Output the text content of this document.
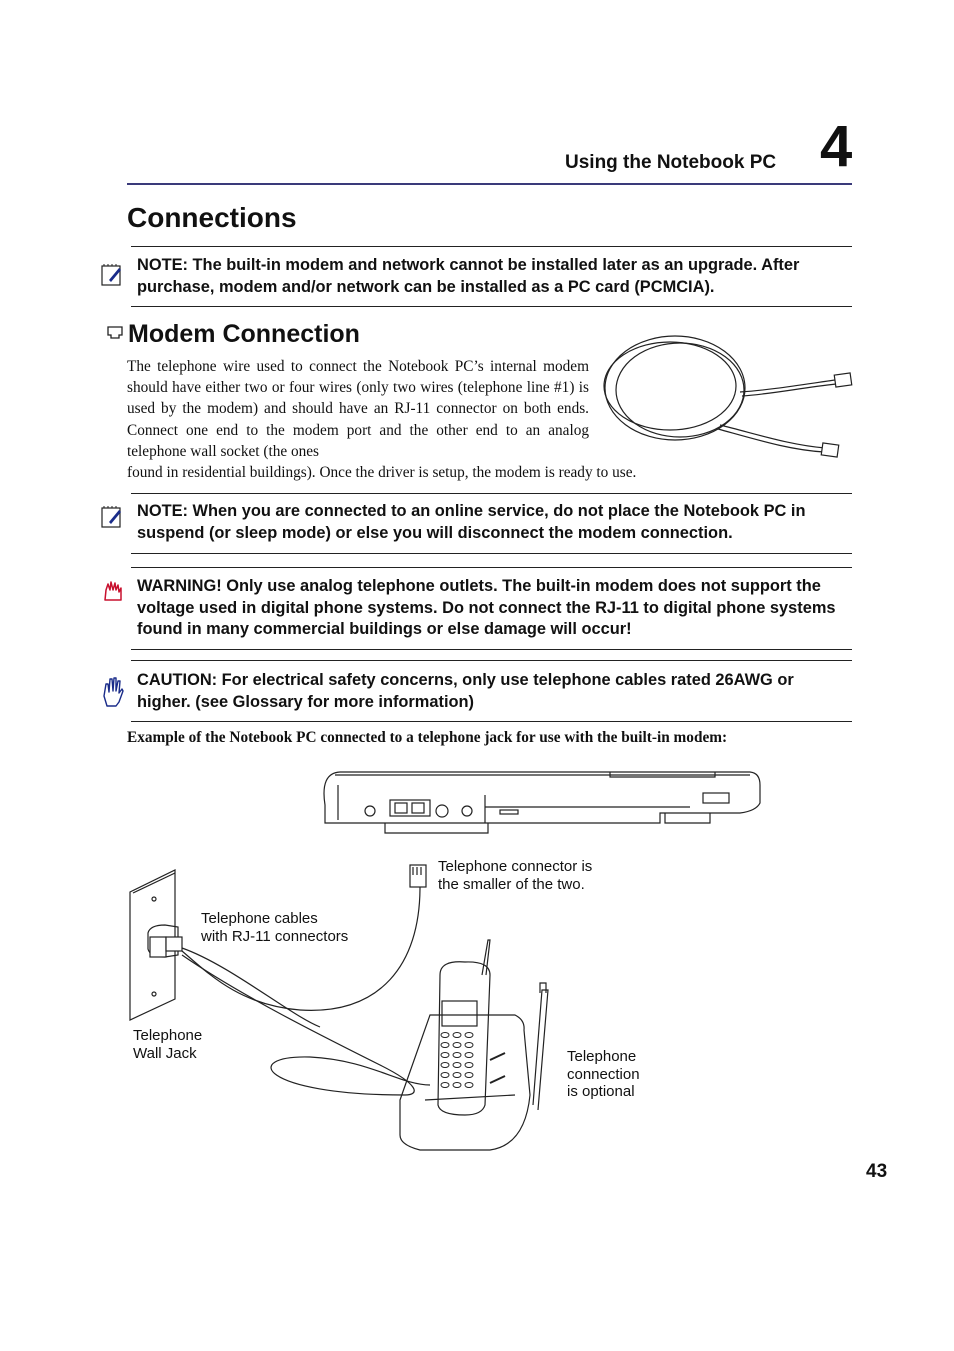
Using the Notebook PC 4
Connections
NOTE: The built-in modem and network cannot be installed later as an upgrade. After purchase, modem and/or network can be installed as a PC card (PCMCIA).
Modem Connection
The telephone wire used to connect the Notebook PC’s internal modem should have either two or four wires (only two wires (telephone line #1) is used by the modem) and should have an RJ-11 connector on both ends. Connect one end to the modem port and the other end to an analog telephone wall socket (the ones
found in residential buildings). Once the driver is setup, the modem is ready to use.
NOTE: When you are connected to an online service, do not place the Notebook PC in suspend (or sleep mode) or else you will disconnect the modem connection.
WARNING! Only use analog telephone outlets. The built-in modem does not support the voltage used in digital phone systems. Do not connect the RJ-11 to digital phone systems found in many commercial buildings or else damage will occur!
CAUTION: For electrical safety concerns, only use telephone cables rated 26AWG or higher. (see Glossary for more information)
Example of the Notebook PC connected to a telephone jack for use with the built-in modem:
Telephone connector is
the smaller of the two.
Telephone cables
with RJ-11 connectors
Telephone
Wall Jack	Telephone
connection
is optional
43
